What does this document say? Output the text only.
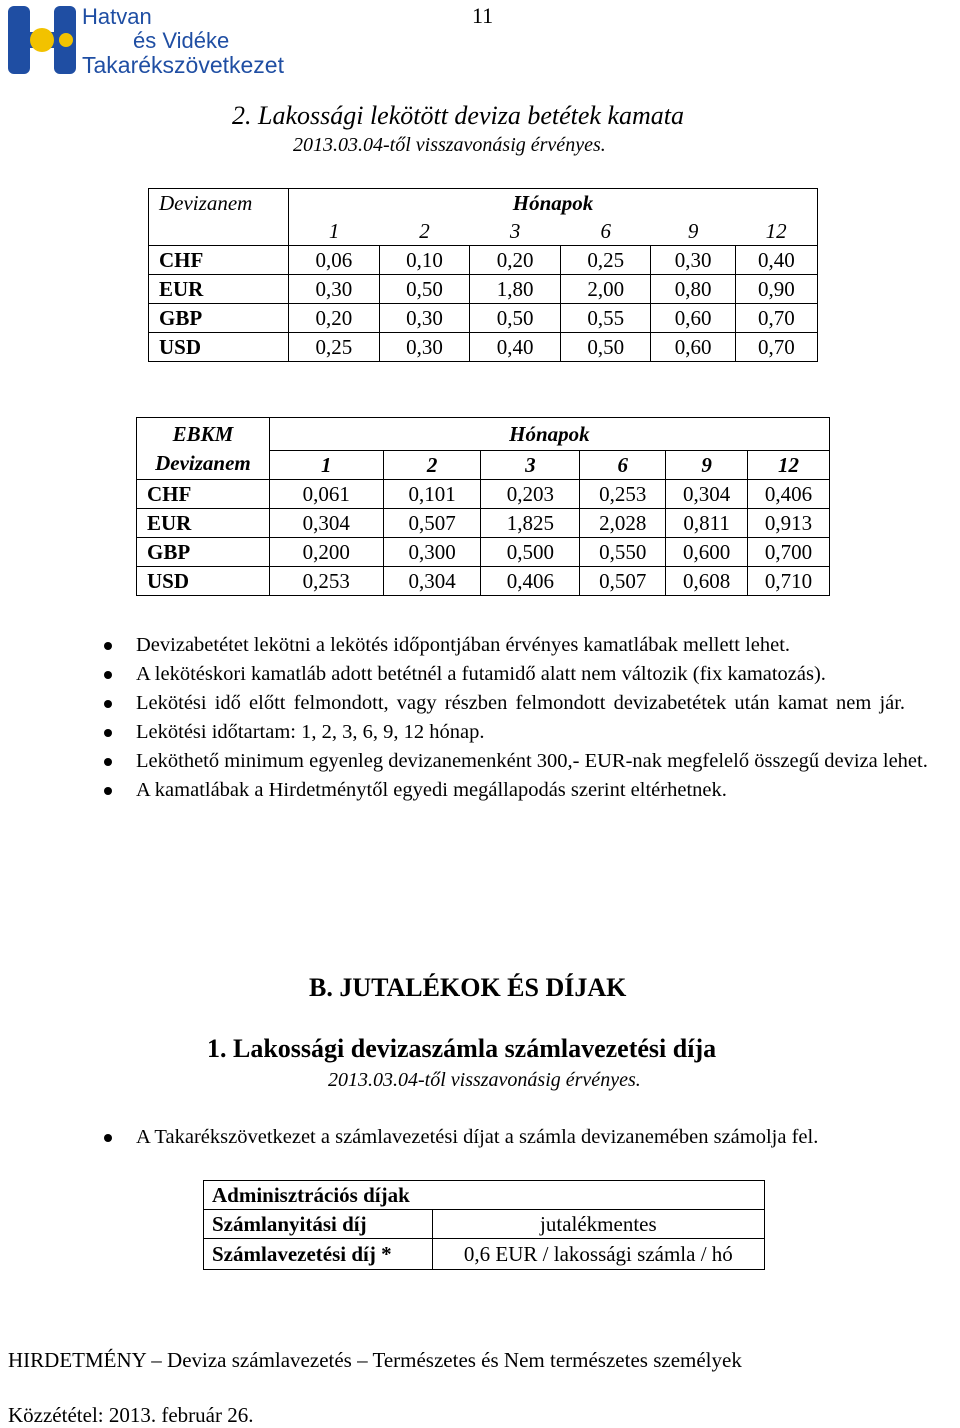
Hatvan
és Vidéke
Takarékszövetkezet
11
2. Lakossági lekötött deviza betétek kamata
2013.03.04-től visszavonásig érvényes.
Devizanem	Hónapok					
	1	2	3	6	9	12
CHF	0,06	0,10	0,20	0,25	0,30	0,40
EUR	0,30	0,50	1,80	2,00	0,80	0,90
GBP	0,20	0,30	0,50	0,55	0,60	0,70
USD	0,25	0,30	0,40	0,50	0,60	0,70
EBKM	Hónapok					
Devizanem	1	2	3	6	9	12
CHF	0,061	0,101	0,203	0,253	0,304	0,406
EUR	0,304	0,507	1,825	2,028	0,811	0,913
GBP	0,200	0,300	0,500	0,550	0,600	0,700
USD	0,253	0,304	0,406	0,507	0,608	0,710
Devizabetétet lekötni a lekötés időpontjában érvényes kamatlábak mellett lehet.
A lekötéskori kamatláb adott betétnél a futamidő alatt nem változik (fix kamatozás).
Lekötési idő előtt felmondott, vagy részben felmondott devizabetétek után kamat nem jár.
Lekötési időtartam: 1, 2, 3, 6, 9, 12 hónap.
Leköthető minimum egyenleg devizanemenként 300,- EUR-nak megfelelő összegű deviza lehet.
A kamatlábak a Hirdetménytől egyedi megállapodás szerint eltérhetnek.
B. JUTALÉKOK ÉS DÍJAK
1. Lakossági devizaszámla számlavezetési díja
2013.03.04-től visszavonásig érvényes.
A Takarékszövetkezet a számlavezetési díjat a számla devizanemében számolja fel.
Adminisztrációs díjak	
Számlanyitási díj	jutalékmentes
Számlavezetési díj *	0,6 EUR / lakossági számla / hó
HIRDETMÉNY – Deviza számlavezetés – Természetes és Nem természetes személyek
Közzététel: 2013. február 26.
